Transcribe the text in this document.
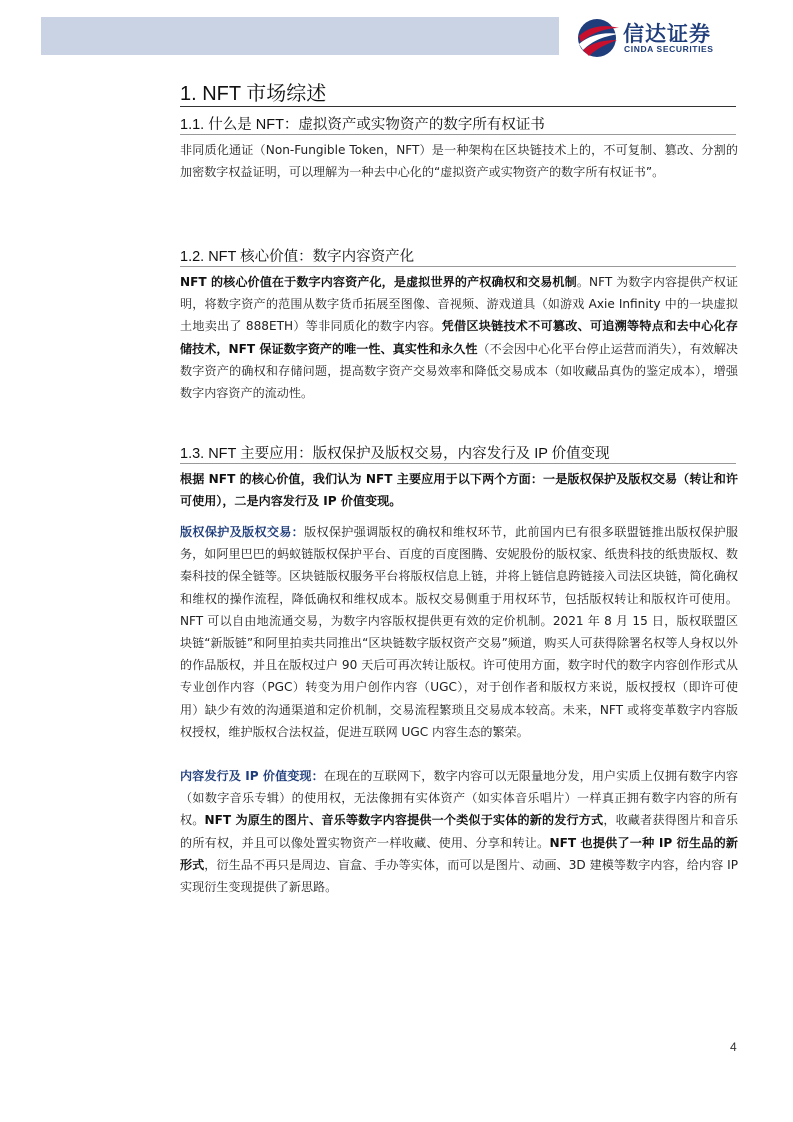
信达证券
CINDA SECURITIES
1. NFT 市场综述
1.1. 什么是 NFT：虚拟资产或实物资产的数字所有权证书

非同质化通证（Non-Fungible Token，NFT）是一种架构在区块链技术上的，不可复制、篡改、分割的加密数字权益证明，可以理解为一种去中心化的“虚拟资产或实物资产的数字所有权证书”。

1.2. NFT 核心价值：数字内容资产化

NFT 的核心价值在于数字内容资产化，是虚拟世界的产权确权和交易机制。NFT 为数字内容提供产权证明，将数字资产的范围从数字货币拓展至图像、音视频、游戏道具（如游戏 Axie Infinity 中的一块虚拟土地卖出了 888ETH）等非同质化的数字内容。凭借区块链技术不可篡改、可追溯等特点和去中心化存储技术，NFT 保证数字资产的唯一性、真实性和永久性（不会因中心化平台停止运营而消失），有效解决数字资产的确权和存储问题，提高数字资产交易效率和降低交易成本（如收藏品真伪的鉴定成本），增强数字内容资产的流动性。

1.3. NFT 主要应用：版权保护及版权交易，内容发行及 IP 价值变现

根据 NFT 的核心价值，我们认为 NFT 主要应用于以下两个方面：一是版权保护及版权交易（转让和许可使用），二是内容发行及 IP 价值变现。

版权保护及版权交易：版权保护强调版权的确权和维权环节，此前国内已有很多联盟链推出版权保护服务，如阿里巴巴的蚂蚁链版权保护平台、百度的百度图腾、安妮股份的版权家、纸贵科技的纸贵版权、数秦科技的保全链等。区块链版权服务平台将版权信息上链，并将上链信息跨链接入司法区块链，简化确权和维权的操作流程，降低确权和维权成本。版权交易侧重于用权环节，包括版权转让和版权许可使用。NFT 可以自由地流通交易，为数字内容版权提供更有效的定价机制。2021 年 8 月 15 日，版权联盟区块链“新版链”和阿里拍卖共同推出“区块链数字版权资产交易”频道，购买人可获得除署名权等人身权以外的作品版权，并且在版权过户 90 天后可再次转让版权。许可使用方面，数字时代的数字内容创作形式从专业创作内容（PGC）转变为用户创作内容（UGC），对于创作者和版权方来说，版权授权（即许可使用）缺少有效的沟通渠道和定价机制，交易流程繁琐且交易成本较高。未来，NFT 或将变革数字内容版权授权，维护版权合法权益，促进互联网 UGC 内容生态的繁荣。

内容发行及 IP 价值变现：在现在的互联网下，数字内容可以无限量地分发，用户实质上仅拥有数字内容（如数字音乐专辑）的使用权，无法像拥有实体资产（如实体音乐唱片）一样真正拥有数字内容的所有权。NFT 为原生的图片、音乐等数字内容提供一个类似于实体的新的发行方式，收藏者获得图片和音乐的所有权，并且可以像处置实物资产一样收藏、使用、分享和转让。NFT 也提供了一种 IP 衍生品的新形式，衍生品不再只是周边、盲盒、手办等实体，而可以是图片、动画、3D 建模等数字内容，给内容 IP 实现衍生变现提供了新思路。

4
